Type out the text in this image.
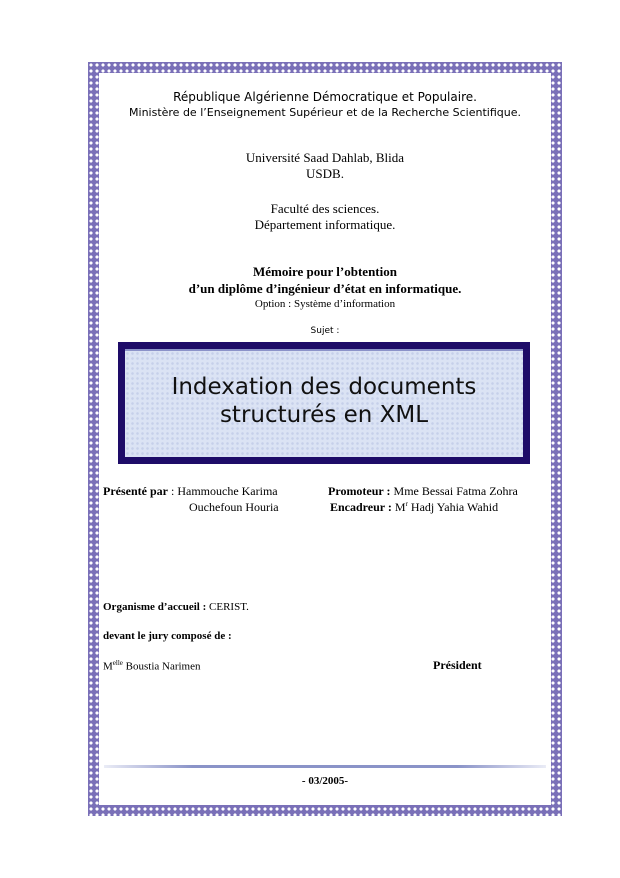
République Algérienne Démocratique et Populaire.
Ministère de l’Enseignement Supérieur et de la Recherche Scientifique.
Université Saad Dahlab, Blida
USDB.
Faculté des sciences.
Département informatique.
Mémoire pour l’obtention
d’un diplôme d’ingénieur d’état en informatique.
Option : Système d’information
Sujet :
Indexation des documents
structurés en XML
Présenté par : Hammouche Karima
Ouchefoun Houria
Promoteur : Mme Bessai Fatma Zohra
Encadreur : $M^r$ Hadj Yahia Wahid
Organisme d’accueil : CERIST.
devant le jury composé de :
$M^{elle}$ Boustia Narimen	Président
- 03/2005-
